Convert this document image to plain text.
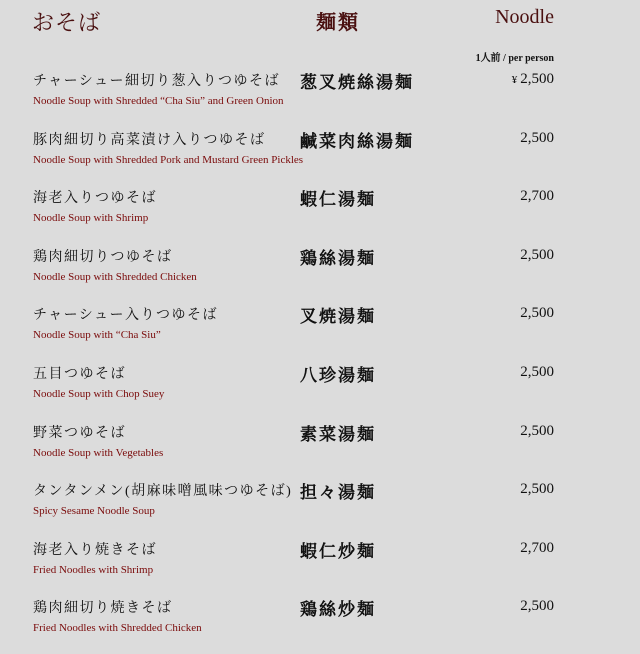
おそば	麺類	Noodle
1人前 / per person
チャーシュー細切り葱入りつゆそば
Noodle Soup with Shredded “Cha Siu” and Green Onion
葱叉焼絲湯麺	¥ 2,500
豚肉細切り高菜漬け入りつゆそば
Noodle Soup with Shredded Pork and Mustard Green Pickles
鹹菜肉絲湯麺	2,500
海老入りつゆそば
Noodle Soup with Shrimp
蝦仁湯麺	2,700
鶏肉細切りつゆそば
Noodle Soup with Shredded Chicken
鶏絲湯麺	2,500
チャーシュー入りつゆそば
Noodle Soup with “Cha Siu”
叉焼湯麺	2,500
五目つゆそば
Noodle Soup with Chop Suey
八珍湯麺	2,500
野菜つゆそば
Noodle Soup with Vegetables
素菜湯麺	2,500
タンタンメン(胡麻味噌風味つゆそば)
Spicy Sesame Noodle Soup
担々湯麺	2,500
海老入り焼きそば
Fried Noodles with Shrimp
蝦仁炒麺	2,700
鶏肉細切り焼きそば
Fried Noodles with Shredded Chicken
鶏絲炒麺	2,500
